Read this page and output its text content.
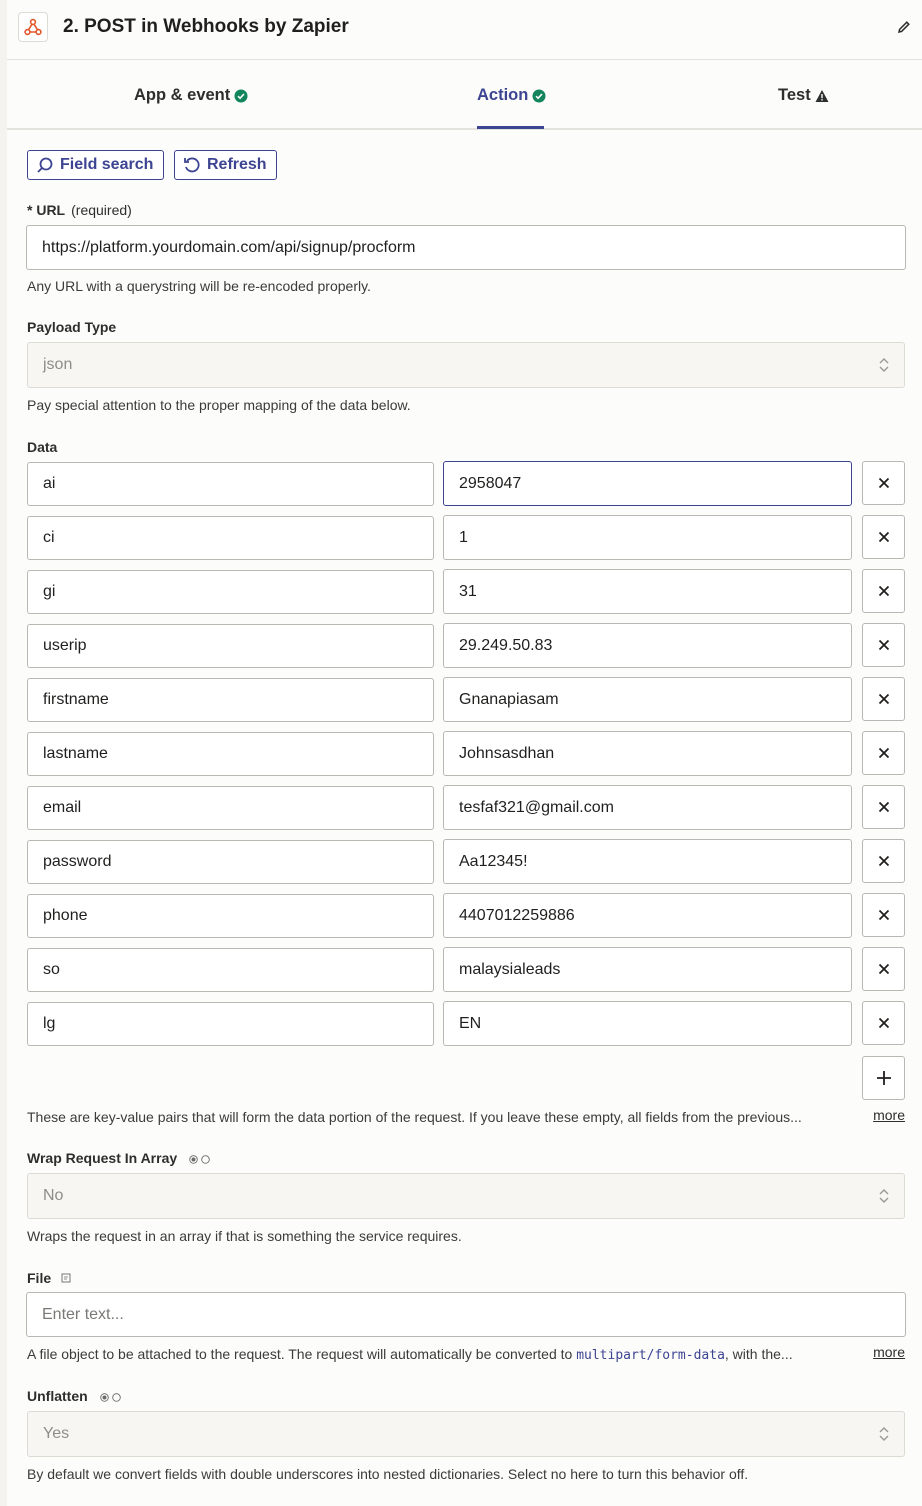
2. POST in Webhooks by Zapier
App & event	Action	Test
Field search	Refresh
* URL (required)
https://platform.yourdomain.com/api/signup/procform
Any URL with a querystring will be re-encoded properly.
Payload Type
json
Pay special attention to the proper mapping of the data below.
Data
ai	2958047
ci	1
gi	31
userip	29.249.50.83
firstname	Gnanapiasam
lastname	Johnsasdhan
email	tesfaf321@gmail.com
password	Aa12345!
phone	4407012259886
so	malaysialeads
lg	EN
These are key-value pairs that will form the data portion of the request. If you leave these empty, all fields from the previous...	more
Wrap Request In Array
No
Wraps the request in an array if that is something the service requires.
File
Enter text...
A file object to be attached to the request. The request will automatically be converted to multipart/form-data, with the...	more
Unflatten
Yes
By default we convert fields with double underscores into nested dictionaries. Select no here to turn this behavior off.
